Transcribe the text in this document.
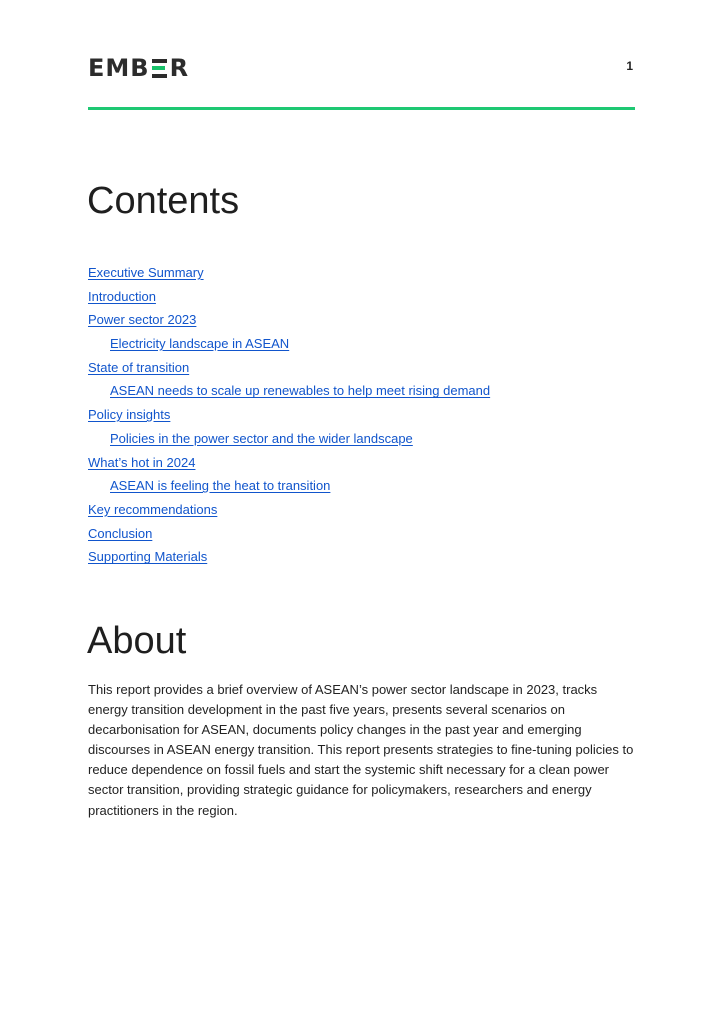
EMB R	1
Contents
Executive Summary
Introduction
Power sector 2023
Electricity landscape in ASEAN
State of transition
ASEAN needs to scale up renewables to help meet rising demand
Policy insights
Policies in the power sector and the wider landscape
What’s hot in 2024
ASEAN is feeling the heat to transition
Key recommendations
Conclusion
Supporting Materials
About

This report provides a brief overview of ASEAN’s power sector landscape in 2023, tracks energy transition development in the past five years, presents several scenarios on decarbonisation for ASEAN, documents policy changes in the past year and emerging discourses in ASEAN energy transition. This report presents strategies to fine-tuning policies to reduce dependence on fossil fuels and start the systemic shift necessary for a clean power sector transition, providing strategic guidance for policymakers, researchers and energy practitioners in the region.
